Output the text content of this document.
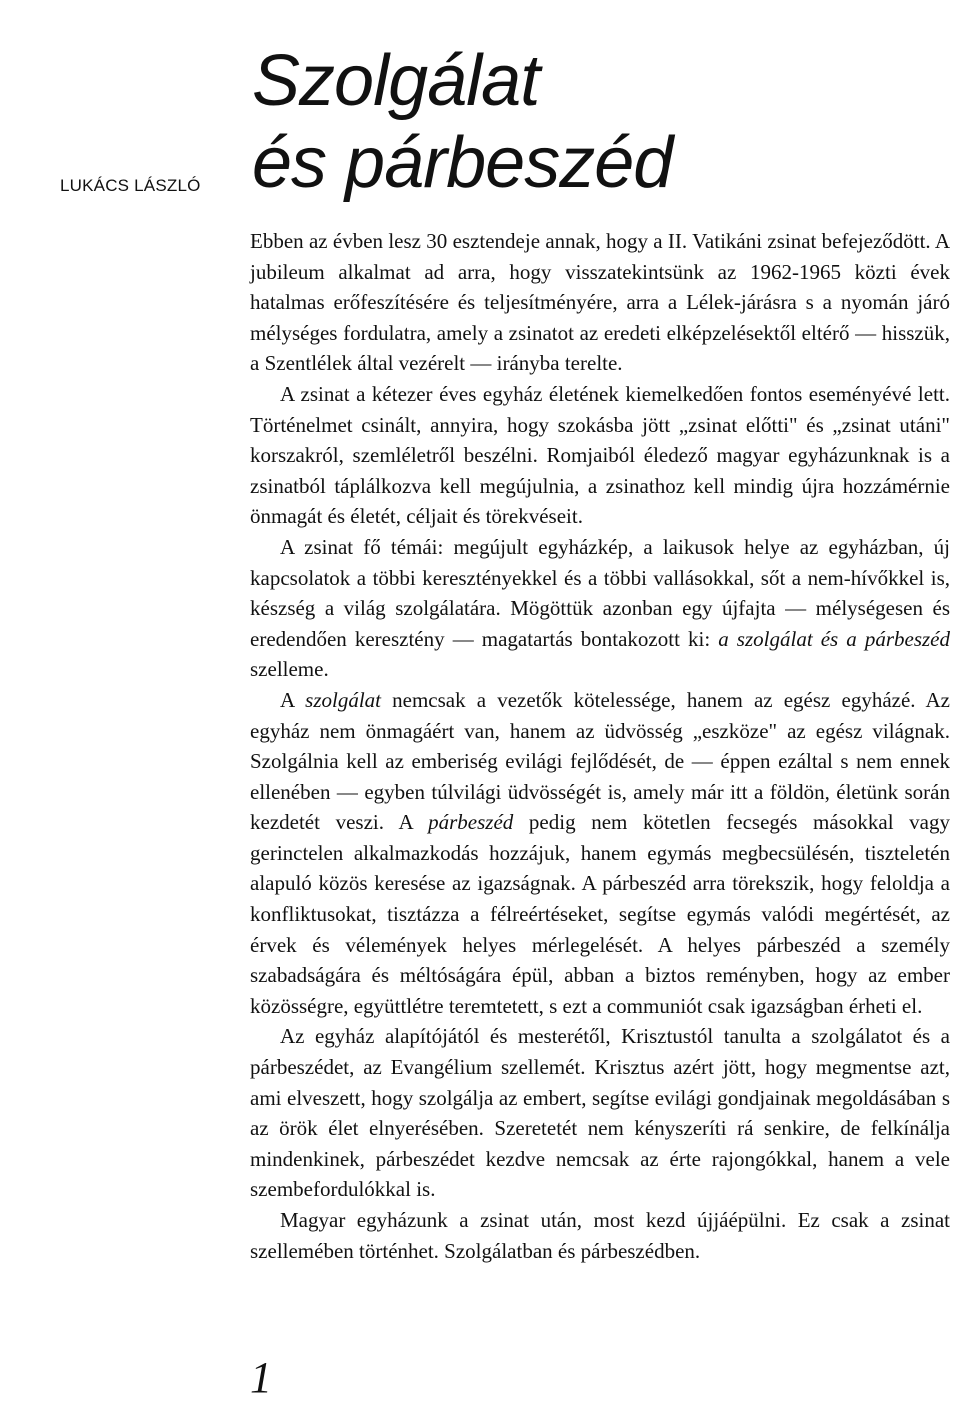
LUKÁCS LÁSZLÓ
Szolgálat
és párbeszéd

Ebben az évben lesz 30 esztendeje annak, hogy a II. Vatikáni zsinat befejeződött. A jubileum alkalmat ad arra, hogy visszatekintsünk az 1962-1965 közti évek hatalmas erőfeszítésére és teljesítményére, arra a Lélek-járásra s a nyomán járó mélységes fordulatra, amely a zsinatot az eredeti elképzelésektől eltérő — hisszük, a Szentlélek által vezérelt — irányba terelte.

A zsinat a kétezer éves egyház életének kiemelkedően fontos eseményévé lett. Történelmet csinált, annyira, hogy szokásba jött „zsinat előtti" és „zsinat utáni" korszakról, szemléletről beszélni. Romjaiból éledező magyar egyházunknak is a zsinatból táplálkozva kell megújulnia, a zsinathoz kell mindig újra hozzámérnie önmagát és életét, céljait és törekvéseit.

A zsinat fő témái: megújult egyházkép, a laikusok helye az egyházban, új kapcsolatok a többi keresztényekkel és a többi vallásokkal, sőt a nem-hívőkkel is, készség a világ szolgálatára. Mögöttük azonban egy újfajta — mélységesen és eredendően keresztény — magatartás bontakozott ki: a szolgálat és a párbeszéd szelleme.

A szolgálat nemcsak a vezetők kötelessége, hanem az egész egyházé. Az egyház nem önmagáért van, hanem az üdvösség „eszköze" az egész világnak. Szolgálnia kell az emberiség evilági fejlődését, de — éppen ezáltal s nem ennek ellenében — egyben túlvilági üdvösségét is, amely már itt a földön, életünk során kezdetét veszi. A párbeszéd pedig nem kötetlen fecsegés másokkal vagy gerinctelen alkalmazkodás hozzájuk, hanem egymás megbecsülésén, tiszteletén alapuló közös keresése az igazságnak. A párbeszéd arra törekszik, hogy feloldja a konfliktusokat, tisztázza a félreértéseket, segítse egymás valódi megértését, az érvek és vélemények helyes mérlegelését. A helyes párbeszéd a személy szabadságára és méltóságára épül, abban a biztos reményben, hogy az ember közösségre, együttlétre teremtetett, s ezt a communiót csak igazságban érheti el.

Az egyház alapítójától és mesterétől, Krisztustól tanulta a szolgálatot és a párbeszédet, az Evangélium szellemét. Krisztus azért jött, hogy megmentse azt, ami elveszett, hogy szolgálja az embert, segítse evilági gondjainak megoldásában s az örök élet elnyerésében. Szeretetét nem kényszeríti rá senkire, de felkínálja mindenkinek, párbeszédet kezdve nemcsak az érte rajongókkal, hanem a vele szembefordulókkal is.

Magyar egyházunk a zsinat után, most kezd újjáépülni. Ez csak a zsinat szellemében történhet. Szolgálatban és párbeszédben.

1
